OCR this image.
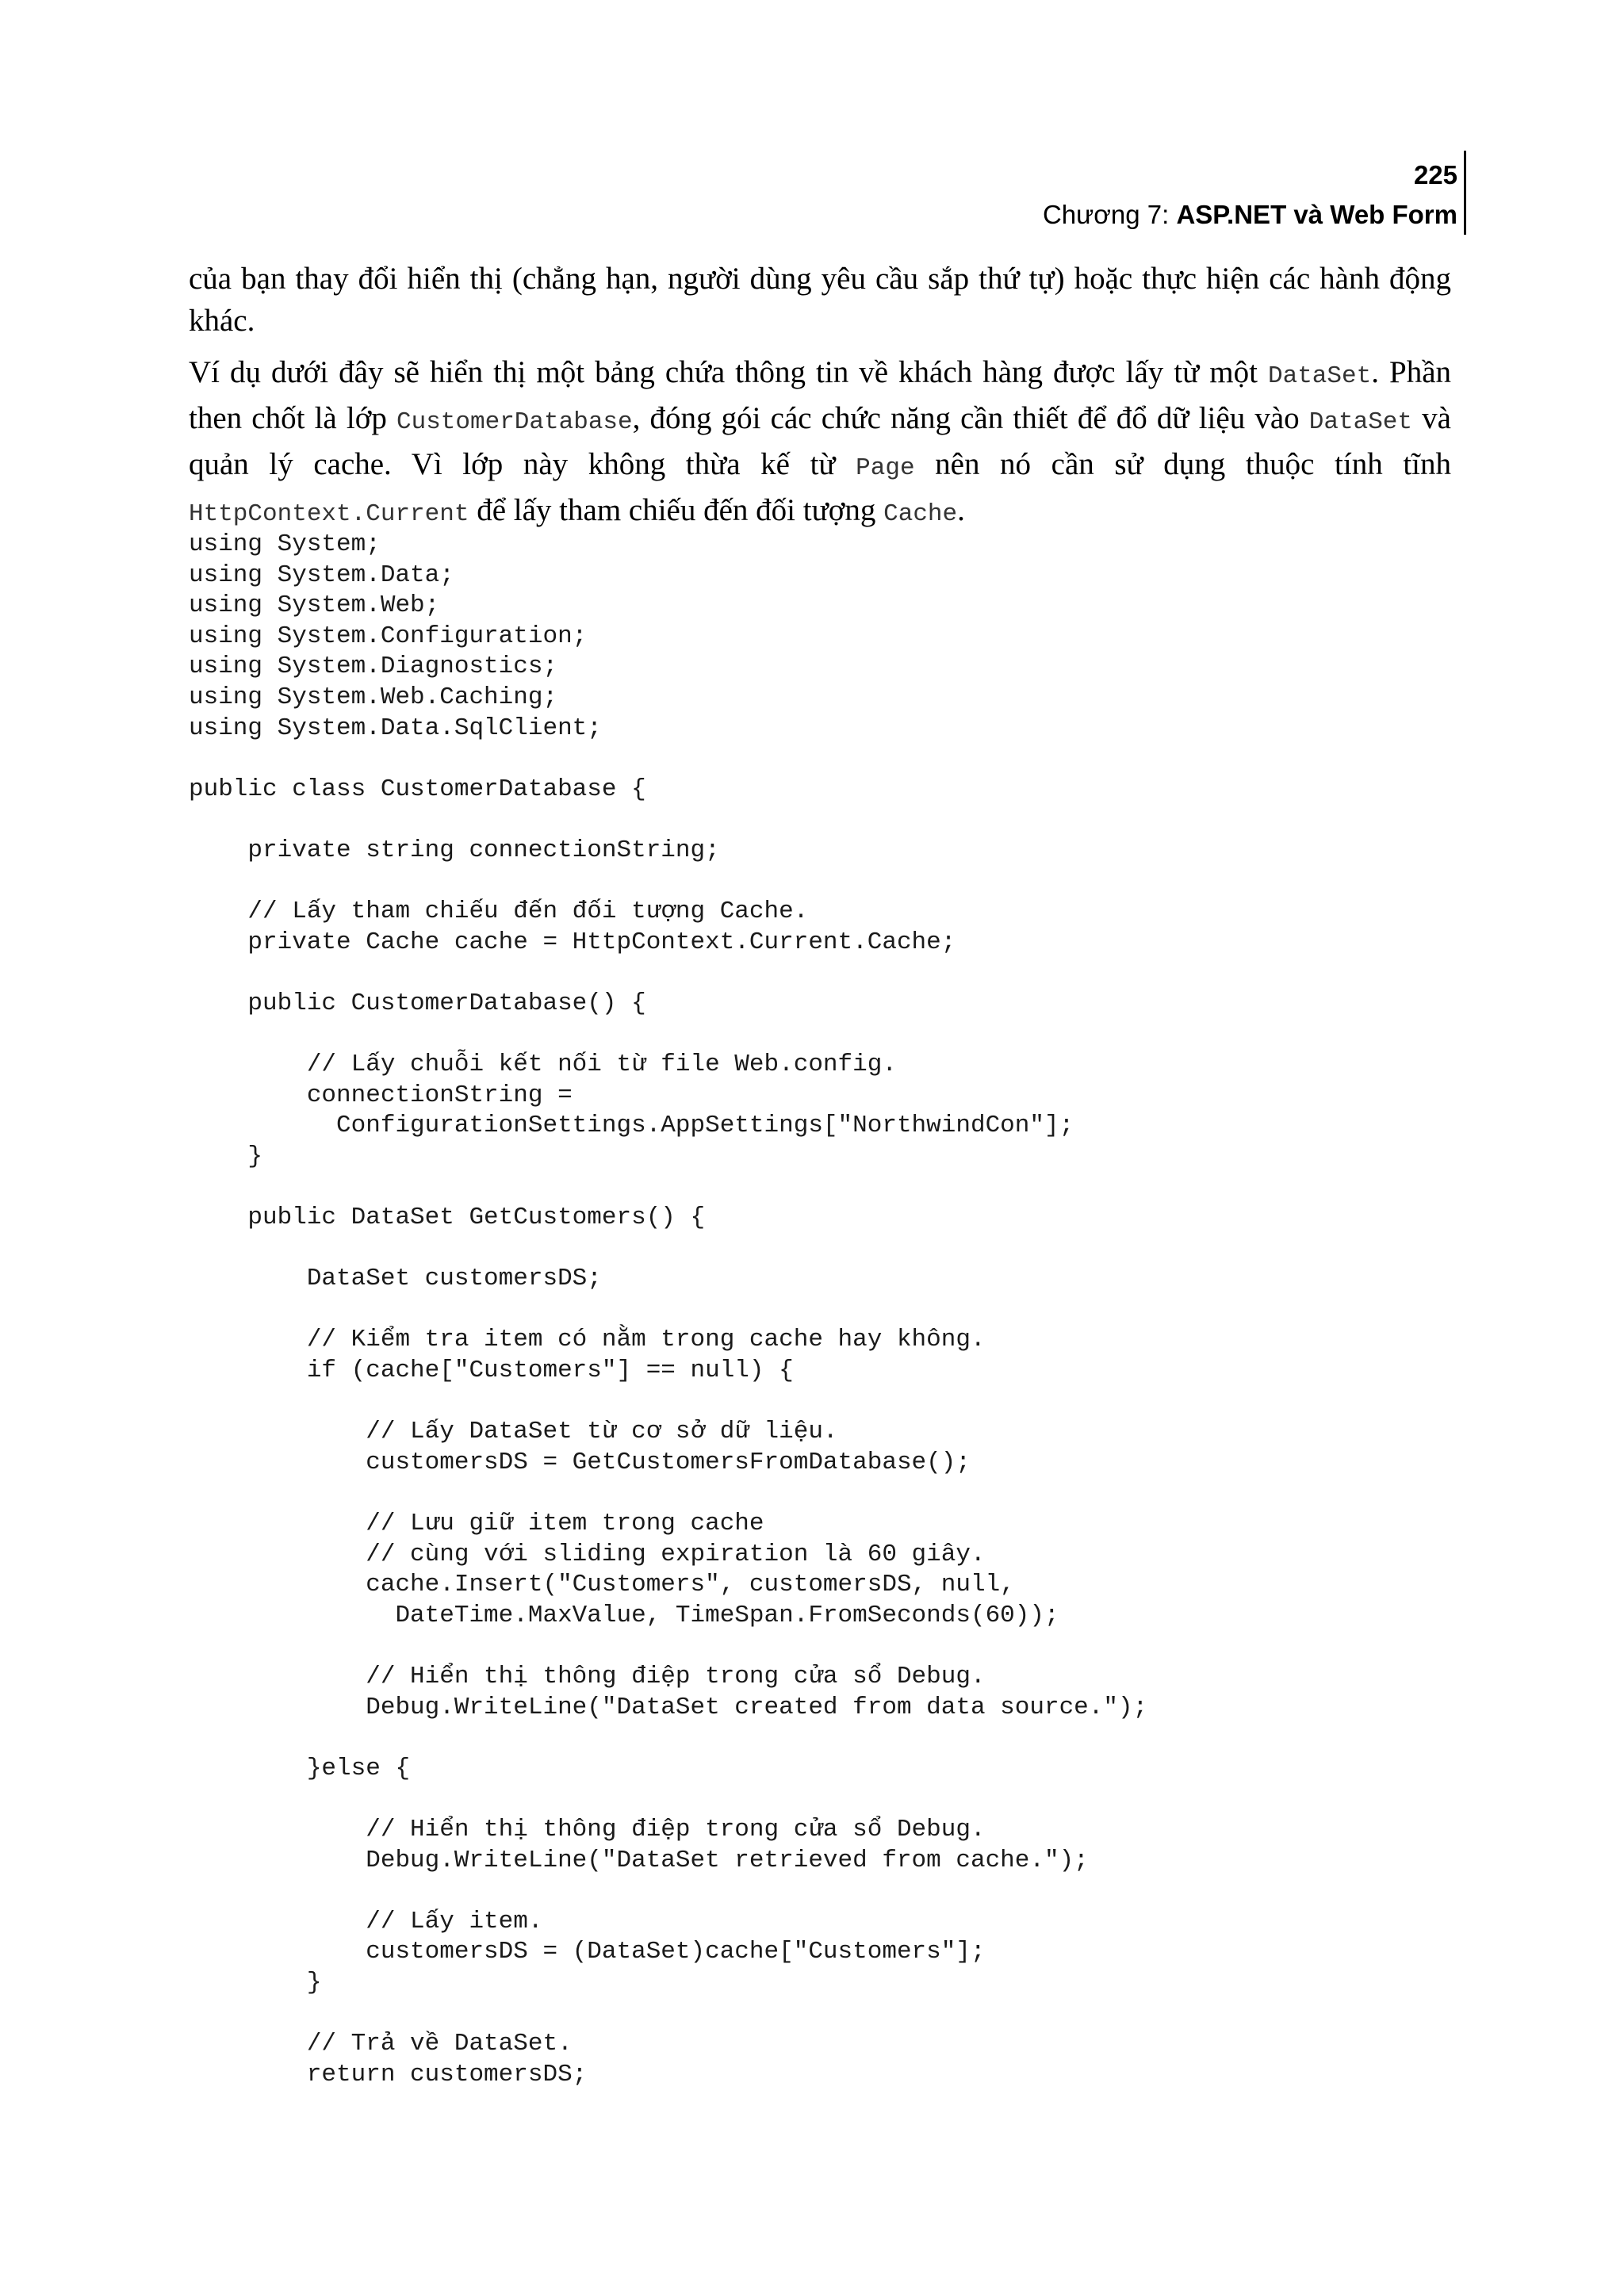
225
Chương 7: ASP.NET và Web Form

của bạn thay đổi hiển thị (chẳng hạn, người dùng yêu cầu sắp thứ tự) hoặc thực hiện các hành động khác.

Ví dụ dưới đây sẽ hiển thị một bảng chứa thông tin về khách hàng được lấy từ một DataSet. Phần then chốt là lớp CustomerDatabase, đóng gói các chức năng cần thiết để đổ dữ liệu vào DataSet và quản lý cache. Vì lớp này không thừa kế từ Page nên nó cần sử dụng thuộc tính tĩnh HttpContext.Current để lấy tham chiếu đến đối tượng Cache.

using System;
using System.Data;
using System.Web;
using System.Configuration;
using System.Diagnostics;
using System.Web.Caching;
using System.Data.SqlClient;
public class CustomerDatabase {
private string connectionString;
// Lấy tham chiếu đến đối tượng Cache.
private Cache cache = HttpContext.Current.Cache;
public CustomerDatabase() {
// Lấy chuỗi kết nối từ file Web.config.
connectionString =
ConfigurationSettings.AppSettings["NorthwindCon"];
}
public DataSet GetCustomers() {
DataSet customersDS;
// Kiểm tra item có nằm trong cache hay không.
if (cache["Customers"] == null) {
// Lấy DataSet từ cơ sở dữ liệu.
customersDS = GetCustomersFromDatabase();
// Lưu giữ item trong cache
// cùng với sliding expiration là 60 giây.
cache.Insert("Customers", customersDS, null,
DateTime.MaxValue, TimeSpan.FromSeconds(60));
// Hiển thị thông điệp trong cửa sổ Debug.
Debug.WriteLine("DataSet created from data source.");
}else {
// Hiển thị thông điệp trong cửa sổ Debug.
Debug.WriteLine("DataSet retrieved from cache.");
// Lấy item.
customersDS = (DataSet)cache["Customers"];
}
// Trả về DataSet.
return customersDS;
